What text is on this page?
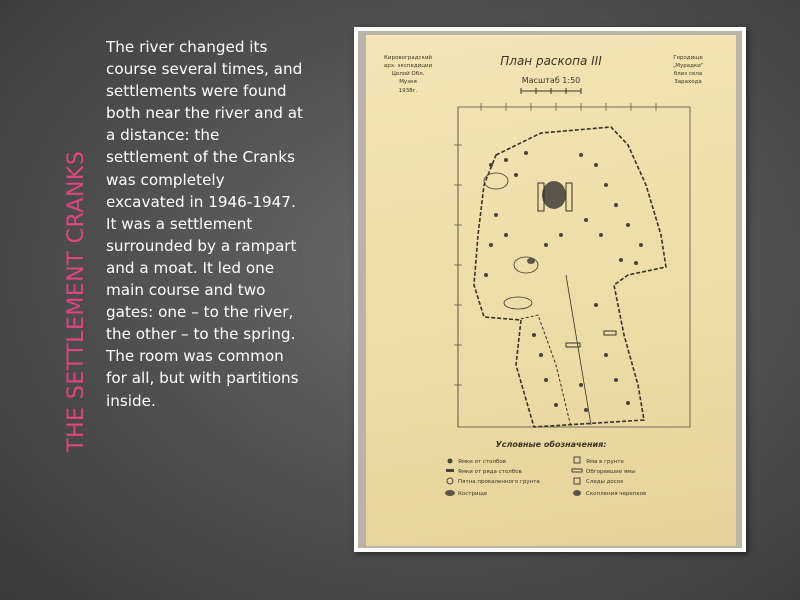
THE SETTLEMENT CRANKS
The river changed its course several times, and settlements were found both near the river and at a distance: the settlement of the Cranks was completely excavated in 1946-1947. It was a settlement surrounded by a rampart and a moat. It led one main course and two gates: one – to the river, the other – to the spring. The room was common for all, but with partitions inside.
План раскопа III
Масштаб 1:50
Кировоградский
арх. экспедиции
Целой Обл.
Музея
1938г.
Городище
„Мурадки“
близ села
Зарахода
Условные обозначения:
Ямки от столбов
Ямки от ряда столбов
Пятна прокаленного грунта
Кострище
Яма в грунте
Обгоревшие ямы
Следы досок
Скопления черепков
